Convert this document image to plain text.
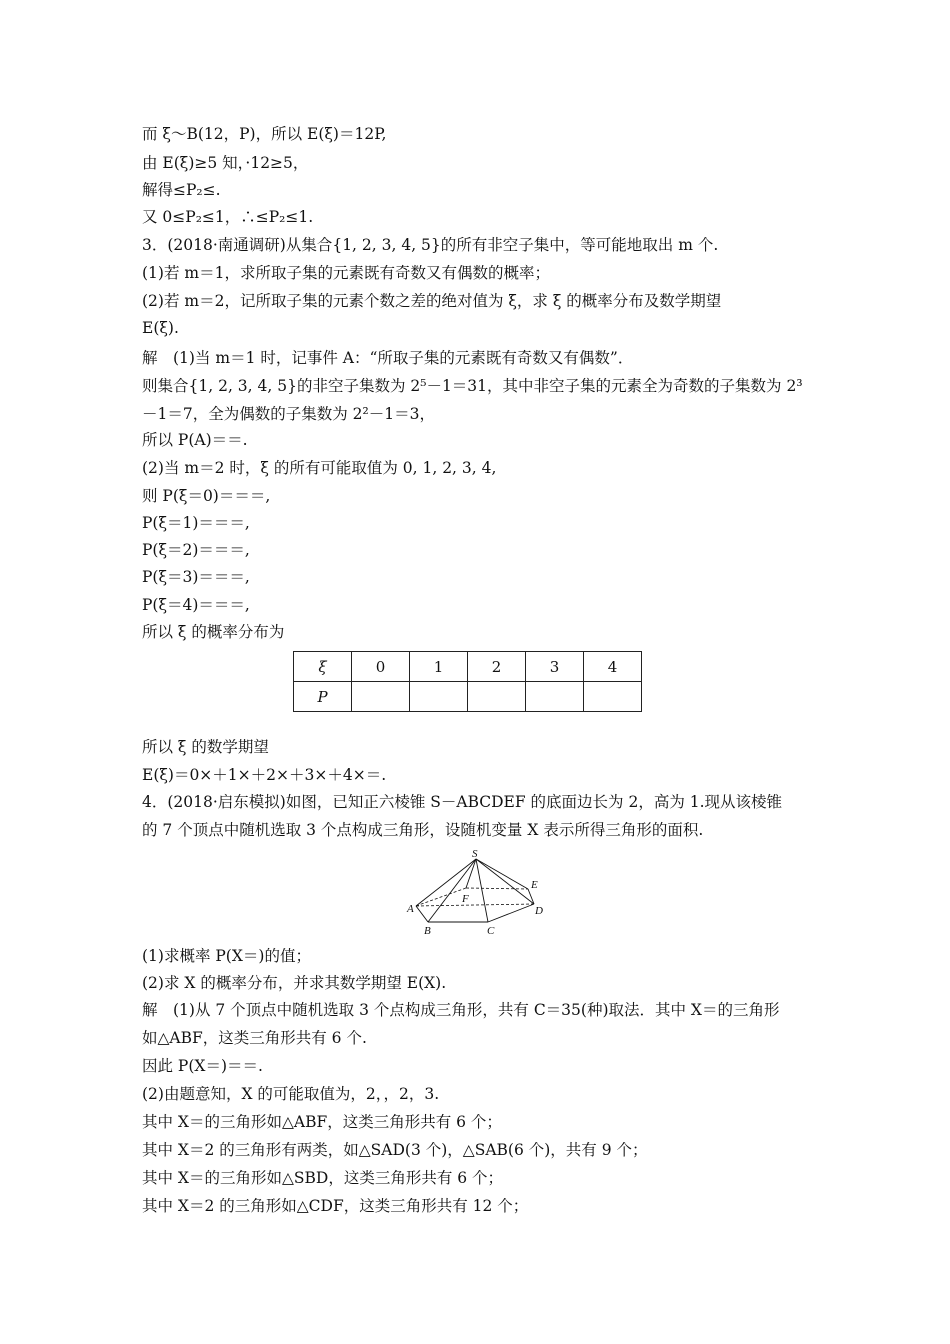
而 ξ～B(12，P)，所以 E(ξ)＝12P,
由 E(ξ)≥5 知，·12≥5，
解得≤P₂≤.
又 0≤P₂≤1，∴≤P₂≤1.
3．(2018·南通调研)从集合{1, 2, 3, 4, 5}的所有非空子集中，等可能地取出 m 个.
(1)若 m＝1，求所取子集的元素既有奇数又有偶数的概率；
(2)若 m＝2，记所取子集的元素个数之差的绝对值为 ξ，求 ξ 的概率分布及数学期望
E(ξ).
解　(1)当 m＝1 时，记事件 A：“所取子集的元素既有奇数又有偶数”．
则集合{1, 2, 3, 4, 5}的非空子集数为 2⁵－1＝31，其中非空子集的元素全为奇数的子集数为 2³
－1＝7，全为偶数的子集数为 2²－1＝3，
所以 P(A)＝＝.
(2)当 m＝2 时，ξ 的所有可能取值为 0, 1, 2, 3, 4,
则 P(ξ＝0)＝＝＝,
P(ξ＝1)＝＝＝,
P(ξ＝2)＝＝＝,
P(ξ＝3)＝＝＝,
P(ξ＝4)＝＝＝,
所以 ξ 的概率分布为
ξ	0	1	2	3	4
P					
所以 ξ 的数学期望
E(ξ)＝0×＋1×＋2×＋3×＋4×＝.
4．(2018·启东模拟)如图，已知正六棱锥 S－ABCDEF 的底面边长为 2，高为 1.现从该棱锥
的 7 个顶点中随机选取 3 个点构成三角形，设随机变量 X 表示所得三角形的面积.
S
E
F
A	D
B	C
(1)求概率 P(X＝)的值；
(2)求 X 的概率分布，并求其数学期望 E(X).
解　(1)从 7 个顶点中随机选取 3 个点构成三角形，共有 C＝35(种)取法．其中 X＝的三角形
如△ABF，这类三角形共有 6 个.
因此 P(X＝)＝＝.
(2)由题意知，X 的可能取值为，2，，2，3.
其中 X＝的三角形如△ABF，这类三角形共有 6 个；
其中 X＝2 的三角形有两类，如△SAD(3 个)，△SAB(6 个)，共有 9 个；
其中 X＝的三角形如△SBD，这类三角形共有 6 个；
其中 X＝2 的三角形如△CDF，这类三角形共有 12 个；
